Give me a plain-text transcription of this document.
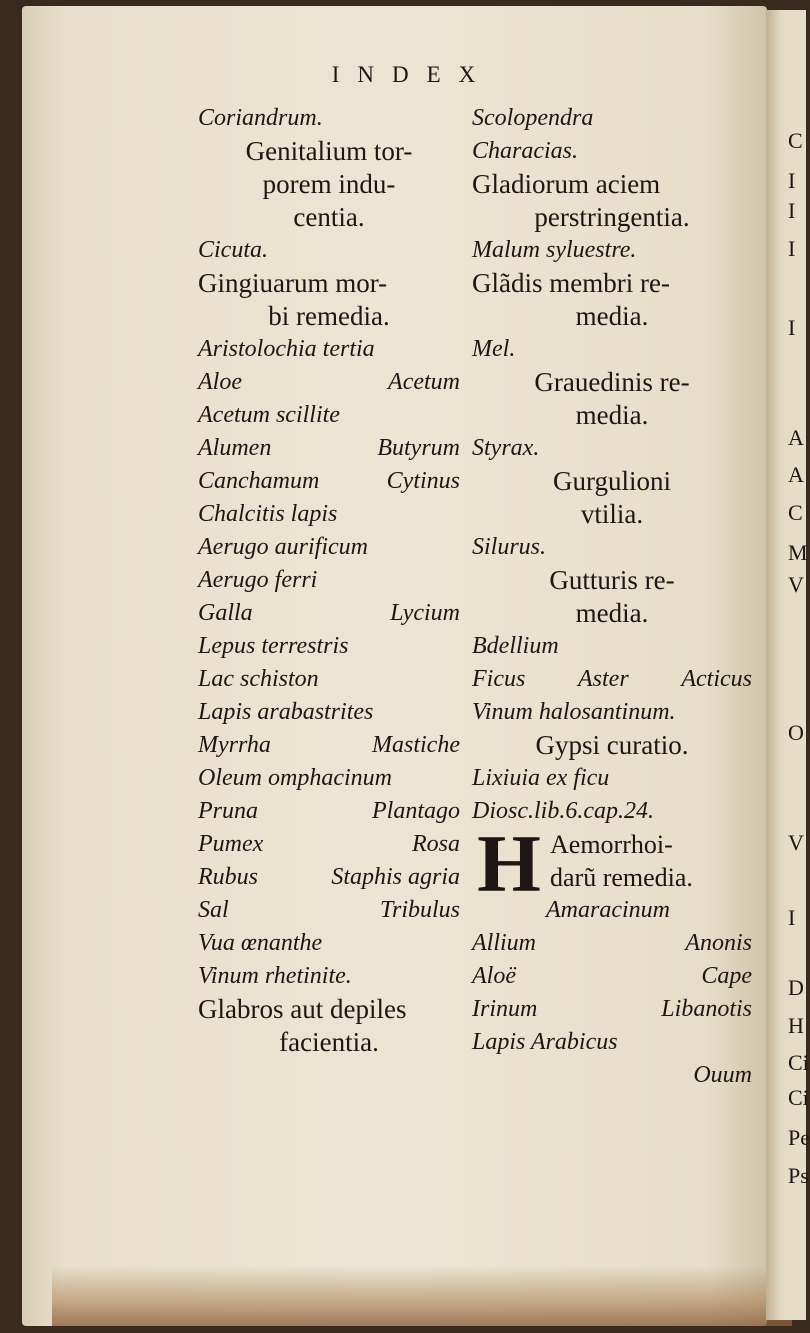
INDEX
Coriandrum.
Genitalium tor-
porem indu-
centia.
Cicuta.
Gingiuarum mor-
bi remedia.
Aristolochia tertia
Aloe	Acetum
Acetum scillite
Alumen	Butyrum
Canchamum	Cytinus
Chalcitis lapis
Aerugo aurificum
Aerugo ferri
Galla	Lycium
Lepus terrestris
Lac schiston
Lapis arabastrites
Myrrha	Mastiche
Oleum omphacinum
Pruna	Plantago
Pumex	Rosa
Rubus	Staphis agria
Sal	Tribulus
Vua œnanthe
Vinum rhetinite.
Glabros aut depiles
facientia.
Scolopendra
Characias.
Gladiorum aciem
perstringentia.
Malum syluestre.
Glãdis membri re-
media.
Mel.
Grauedinis re-
media.
Styrax.
Gurgulioni
vtilia.
Silurus.
Gutturis re-
media.
Bdellium
Ficus Aster Acticus
Vinum halosantinum.
Gypsi curatio.
Lixiuia ex ficu
Diosc.lib.6.cap.24.
H Aemorrhoi-
darũ remedia.
Amaracinum
Allium	Anonis
Aloë	Cape
Irinum	Libanotis
Lapis Arabicus
Ouum
C
I
I
I
I
A
A
C
M
V
O
V
I
D
H
Ci
Ci
Pe
Ps
